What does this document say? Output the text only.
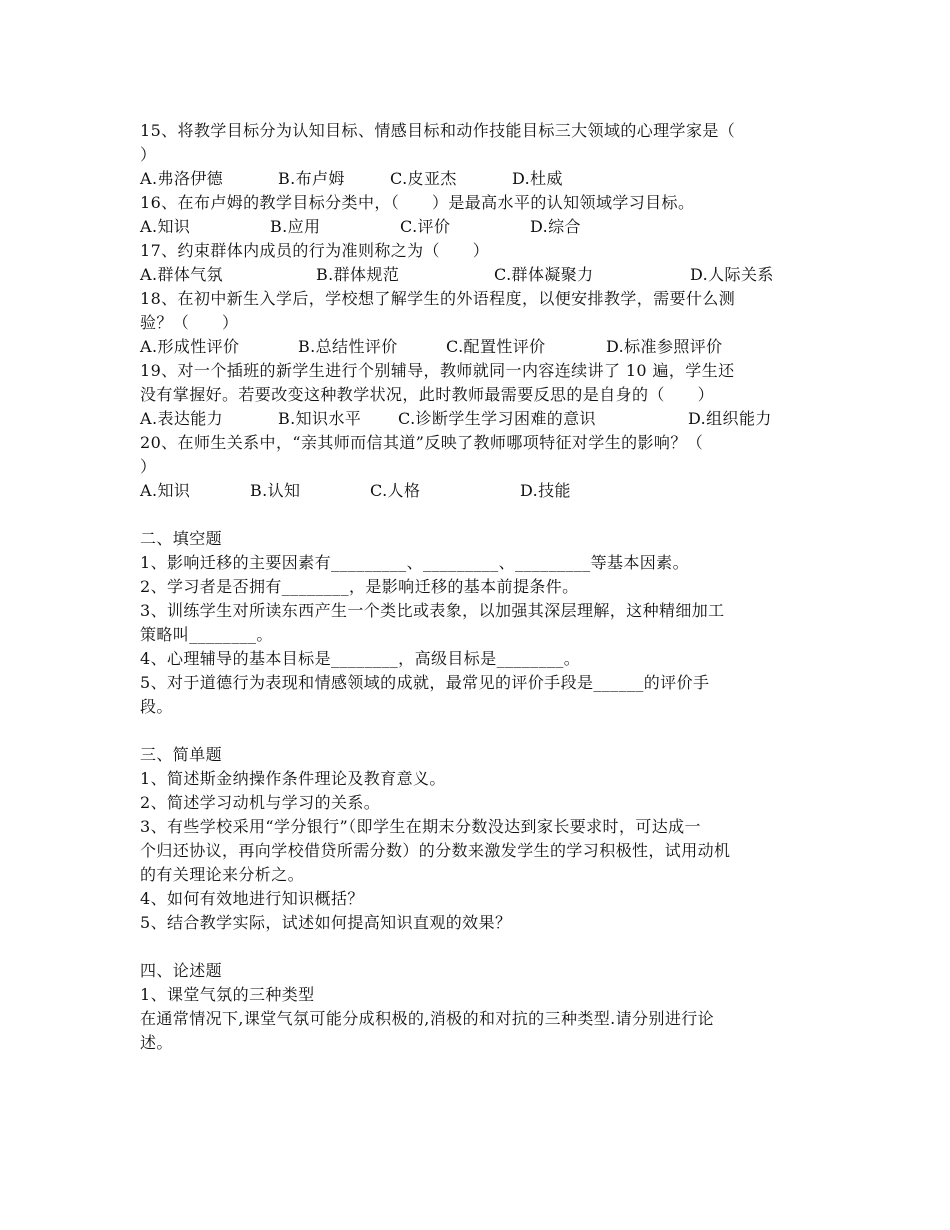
15、将教学目标分为认知目标、情感目标和动作技能目标三大领域的心理学家是（
）
A.弗洛伊德	B.布卢姆	C.皮亚杰	D.杜威
16、在布卢姆的教学目标分类中，（　　）是最高水平的认知领域学习目标。
A.知识	B.应用	C.评价	D.综合
17、约束群体内成员的行为准则称之为（　　）
A.群体气氛	B.群体规范	C.群体凝聚力	D.人际关系
18、在初中新生入学后，学校想了解学生的外语程度，以便安排教学，需要什么测
验？（　　）
A.形成性评价	B.总结性评价	C.配置性评价	D.标准参照评价
19、对一个插班的新学生进行个别辅导，教师就同一内容连续讲了 10 遍，学生还
没有掌握好。若要改变这种教学状况，此时教师最需要反思的是自身的（　　）
A.表达能力	B.知识水平	C.诊断学生学习困难的意识	D.组织能力
20、在师生关系中，“亲其师而信其道”反映了教师哪项特征对学生的影响？（
）
A.知识	B.认知	C.人格	D.技能
二、填空题
1、影响迁移的主要因素有_________、_________、_________等基本因素。
2、学习者是否拥有________，是影响迁移的基本前提条件。
3、训练学生对所读东西产生一个类比或表象，以加强其深层理解，这种精细加工
策略叫________。
4、心理辅导的基本目标是________，高级目标是________。
5、对于道德行为表现和情感领域的成就，最常见的评价手段是______的评价手
段。
三、简单题
1、简述斯金纳操作条件理论及教育意义。
2、简述学习动机与学习的关系。
3、有些学校采用“学分银行”（即学生在期末分数没达到家长要求时，可达成一
个归还协议，再向学校借贷所需分数）的分数来激发学生的学习积极性，试用动机
的有关理论来分析之。
4、如何有效地进行知识概括？
5、结合教学实际，试述如何提高知识直观的效果？
四、论述题
1、课堂气氛的三种类型
在通常情况下,课堂气氛可能分成积极的,消极的和对抗的三种类型.请分别进行论
述。
